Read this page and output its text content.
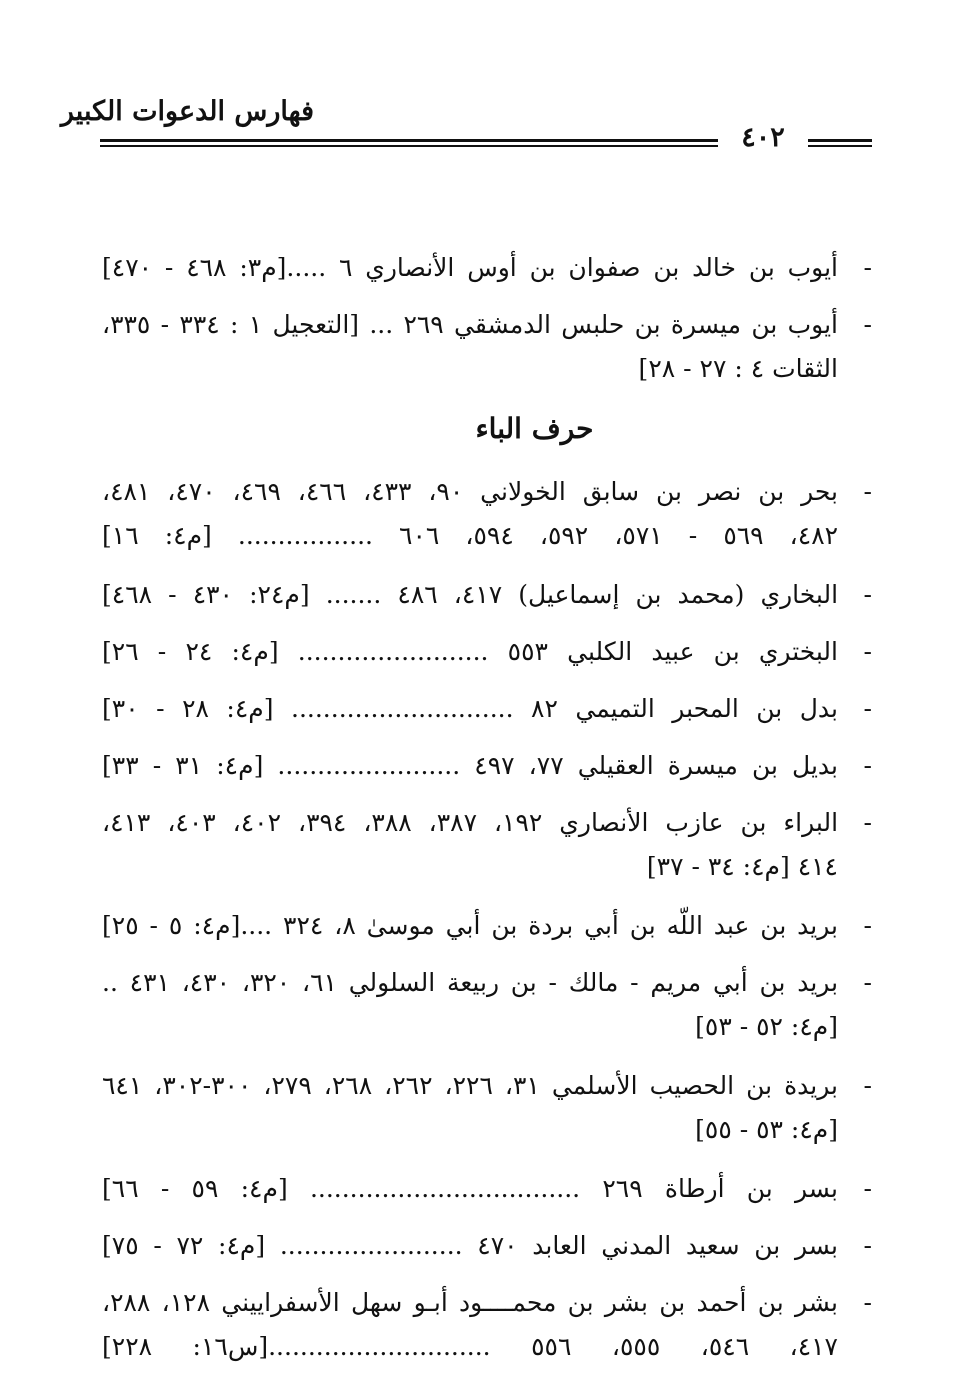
فهارس الدعوات الكبير
٤٠٢
-
أيوب بن خالد بن صفوان بن أوس الأنصاري ٦ .....[م٣: ٤٦٨ - ٤٧٠]
-
أيوب بن ميسرة بن حلبس الدمشقي ٢٦٩ ... [التعجيل ١ : ٣٣٤ - ٣٣٥،
الثقات ٤ : ٢٧ - ٢٨]
حرف الباء
-
بحر بن نصر بن سابق الخولاني ٩٠، ٤٣٣، ٤٦٦، ٤٦٩، ٤٧٠، ٤٨١،
٤٨٢، ٥٦٩ - ٥٧١، ٥٩٢، ٥٩٤، ٦٠٦ ................. [م٤: ١٦]
-
البخاري (محمد بن إسماعيل) ٤١٧، ٤٨٦ ....... [م٢٤: ٤٣٠ - ٤٦٨]
-
البختري بن عبيد الكلبي ٥٥٣ ........................ [م٤: ٢٤ - ٢٦]
-
بدل بن المحبر التميمي ٨٢ ............................ [م٤: ٢٨ - ٣٠]
-
بديل بن ميسرة العقيلي ٧٧، ٤٩٧ ....................... [م٤: ٣١ - ٣٣]
-
البراء بن عازب الأنصاري ١٩٢، ٣٨٧، ٣٨٨، ٣٩٤، ٤٠٢، ٤٠٣، ٤١٣،
٤١٤ [م٤: ٣٤ - ٣٧]
-
بريد بن عبد اللّه بن أبي بردة بن أبي موسىٰ ٨، ٣٢٤ ....[م٤: ٥ - ٢٥]
-
بريد بن أبي مريم - مالك - بن ربيعة السلولي ٦١، ٣٢٠، ٤٣٠، ٤٣١ ..
[م٤: ٥٢ - ٥٣]
-
بريدة بن الحصيب الأسلمي ٣١، ٢٢٦، ٢٦٢، ٢٦٨، ٢٧٩، ٣٠٠-٣٠٢، ٦٤١
[م٤: ٥٣ - ٥٥]
-
بسر بن أرطاة ٢٦٩ .................................. [م٤: ٥٩ - ٦٦]
-
بسر بن سعيد المدني العابد ٤٧٠ ....................... [م٤: ٧٢ - ٧٥]
-
بشر بن أحمد بن بشر بن محمــــود أبـو سهل الأسفراييني ١٢٨، ٢٨٨،
٤١٧، ٥٤٦، ٥٥٥، ٥٥٦ ............................[س١٦: ٢٢٨]
